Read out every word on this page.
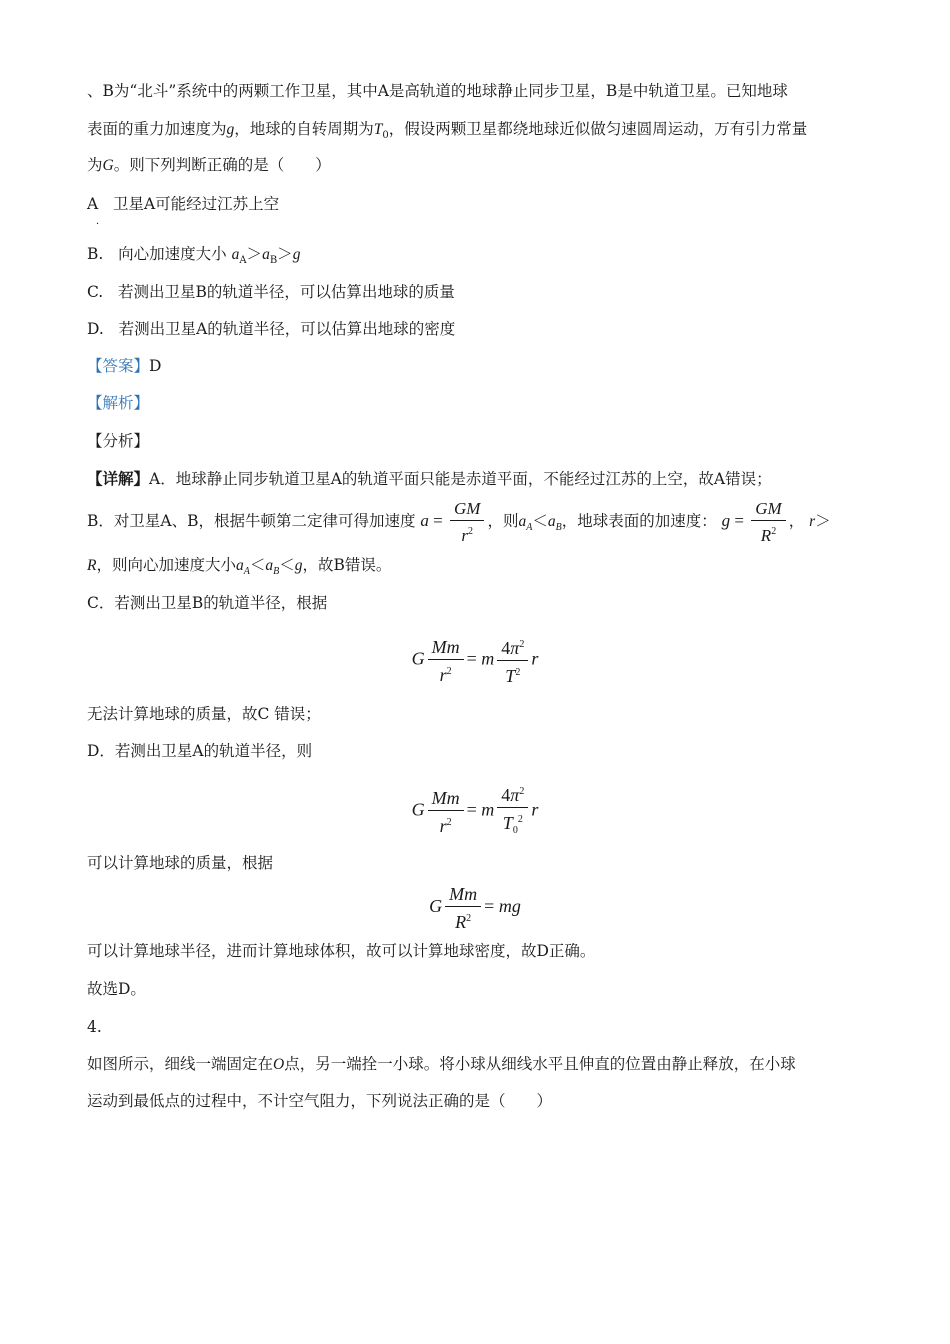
、B为“北斗”系统中的两颗工作卫星，其中A是高轨道的地球静止同步卫星，B是中轨道卫星。已知地球
表面的重力加速度为g，地球的自转周期为$T_0$，假设两颗卫星都绕地球近似做匀速圆周运动，万有引力常量
为G。则下列判断正确的是（　　）
A 卫星A可能经过江苏上空
．
B. 向心加速度大小 $a_A>a_B>g$
C. 若测出卫星B的轨道半径，可以估算出地球的质量
D. 若测出卫星A的轨道半径，可以估算出地球的密度
【答案】D
【解析】
【分析】
【详解】A．地球静止同步轨道卫星A的轨道平面只能是赤道平面，不能经过江苏的上空，故A错误；
B．对卫星A、B，根据牛顿第二定律可得加速度 $a = \frac{GM}{r^2}$ ，则$a_A<a_B$，地球表面的加速度： $g = \frac{GM}{R^2}$ ， r＞
R，则向心加速度大小$a_A<a_B<g$，故B错误。
C．若测出卫星B的轨道半径，根据
G $\frac{Mm}{r^2} = m \frac{4\pi^2}{T^2}$ r
无法计算地球的质量，故C 错误；
D．若测出卫星A的轨道半径，则
G $\frac{Mm}{r^2} = m \frac{4\pi^2}{T_0^2}$ r
可以计算地球的质量，根据
G $\frac{Mm}{R^2}$ = mg
可以计算地球半径，进而计算地球体积，故可以计算地球密度，故D正确。
故选D。
4.
如图所示，细线一端固定在O点，另一端拴一小球。将小球从细线水平且伸直的位置由静止释放，在小球
运动到最低点的过程中，不计空气阻力，下列说法正确的是（　　）
